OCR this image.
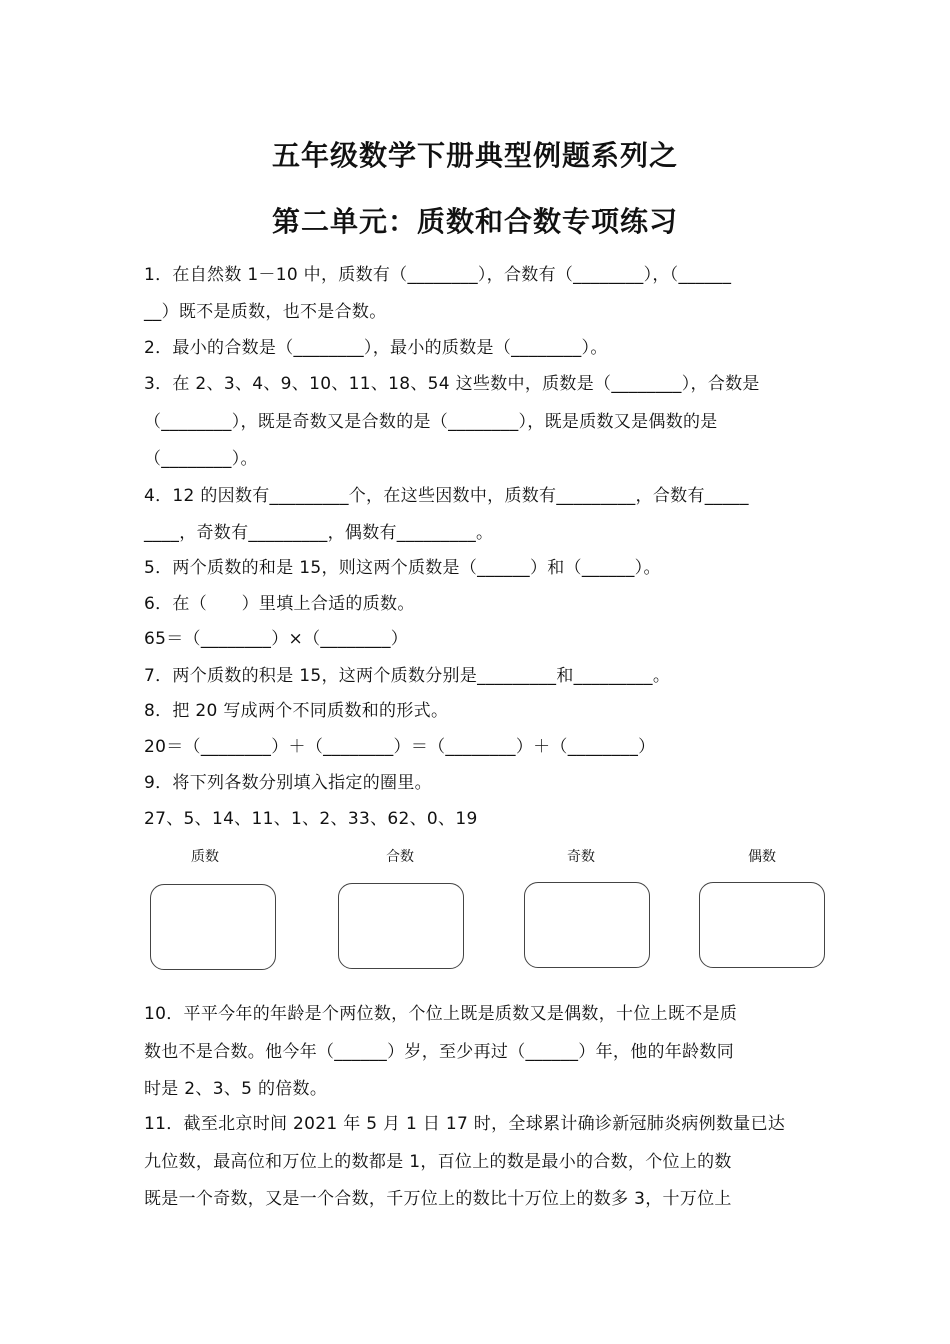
五年级数学下册典型例题系列之
第二单元：质数和合数专项练习
1．在自然数 1－10 中，质数有（________），合数有（________），（______
__）既不是质数，也不是合数。
2．最小的合数是（________），最小的质数是（________）。
3．在 2、3、4、9、10、11、18、54 这些数中，质数是（________），合数是
（________），既是奇数又是合数的是（________），既是质数又是偶数的是
（________）。
4．12 的因数有_________个，在这些因数中，质数有_________，合数有_____
____，奇数有_________，偶数有_________。
5．两个质数的和是 15，则这两个质数是（______）和（______）。
6．在（　　）里填上合适的质数。
65＝（________）×（________）
7．两个质数的积是 15，这两个质数分别是_________和_________。
8．把 20 写成两个不同质数和的形式。
20＝（________）＋（________）＝（________）＋（________）
9．将下列各数分别填入指定的圈里。
27、5、14、11、1、2、33、62、0、19
质数	合数	奇数	偶数
10．平平今年的年龄是个两位数，个位上既是质数又是偶数，十位上既不是质
数也不是合数。他今年（______）岁，至少再过（______）年，他的年龄数同
时是 2、3、5 的倍数。
11．截至北京时间 2021 年 5 月 1 日 17 时，全球累计确诊新冠肺炎病例数量已达
九位数，最高位和万位上的数都是 1，百位上的数是最小的合数，个位上的数
既是一个奇数，又是一个合数，千万位上的数比十万位上的数多 3，十万位上
